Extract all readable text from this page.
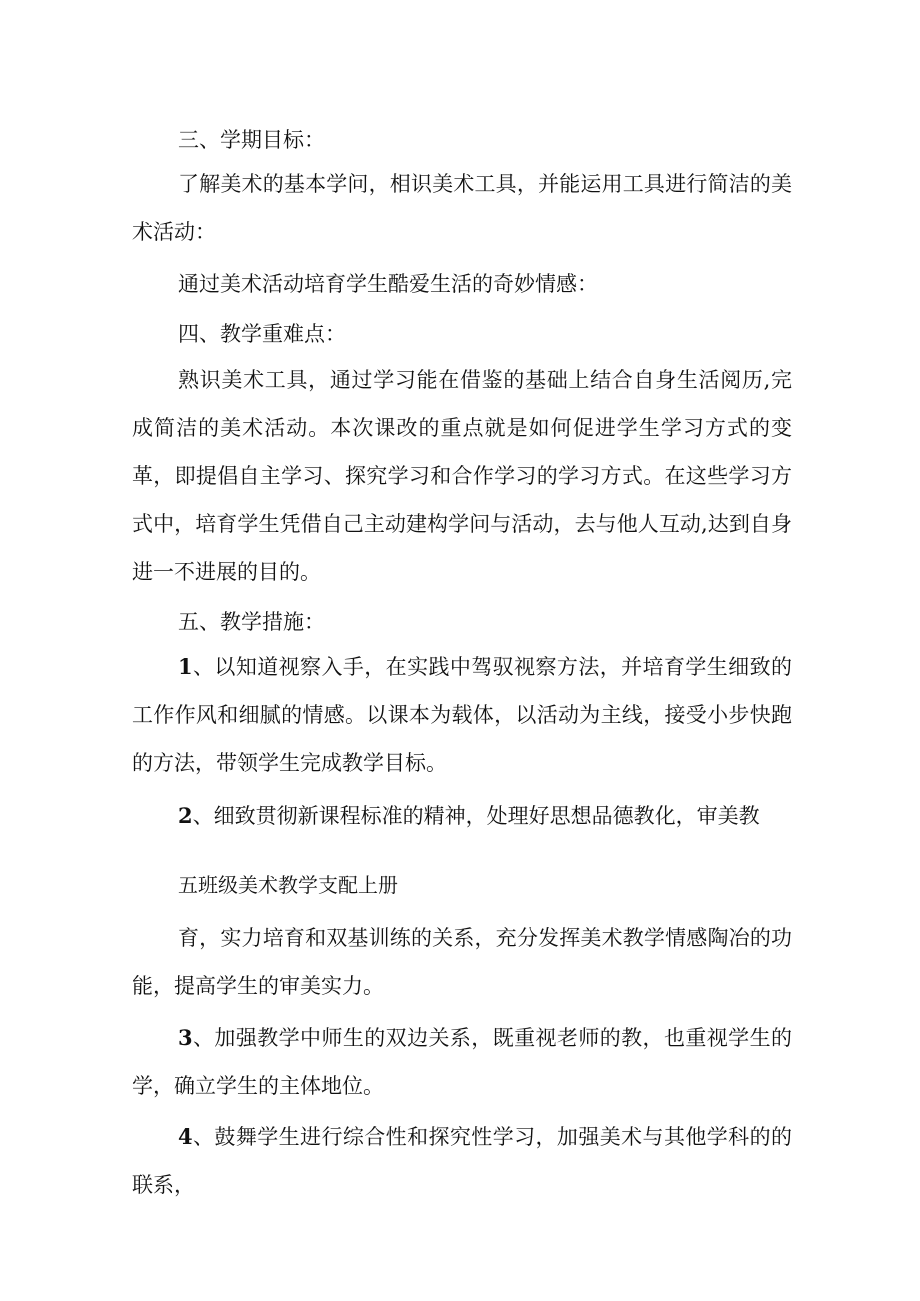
三、学期目标：

了解美术的基本学问，相识美术工具，并能运用工具进行简洁的美术活动：

通过美术活动培育学生酷爱生活的奇妙情感：

四、教学重难点：

熟识美术工具，通过学习能在借鉴的基础上结合自身生活阅历,完成简洁的美术活动。本次课改的重点就是如何促进学生学习方式的变革，即提倡自主学习、探究学习和合作学习的学习方式。在这些学习方式中，培育学生凭借自己主动建构学问与活动，去与他人互动,达到自身进一不进展的目的。

五、教学措施：

1、以知道视察入手，在实践中驾驭视察方法，并培育学生细致的工作作风和细腻的情感。以课本为载体，以活动为主线，接受小步快跑的方法，带领学生完成教学目标。

2、细致贯彻新课程标准的精神，处理好思想品德教化，审美教

五班级美术教学支配上册

育，实力培育和双基训练的关系，充分发挥美术教学情感陶冶的功能，提高学生的审美实力。

3、加强教学中师生的双边关系，既重视老师的教，也重视学生的学，确立学生的主体地位。

4、鼓舞学生进行综合性和探究性学习，加强美术与其他学科的的联系，
